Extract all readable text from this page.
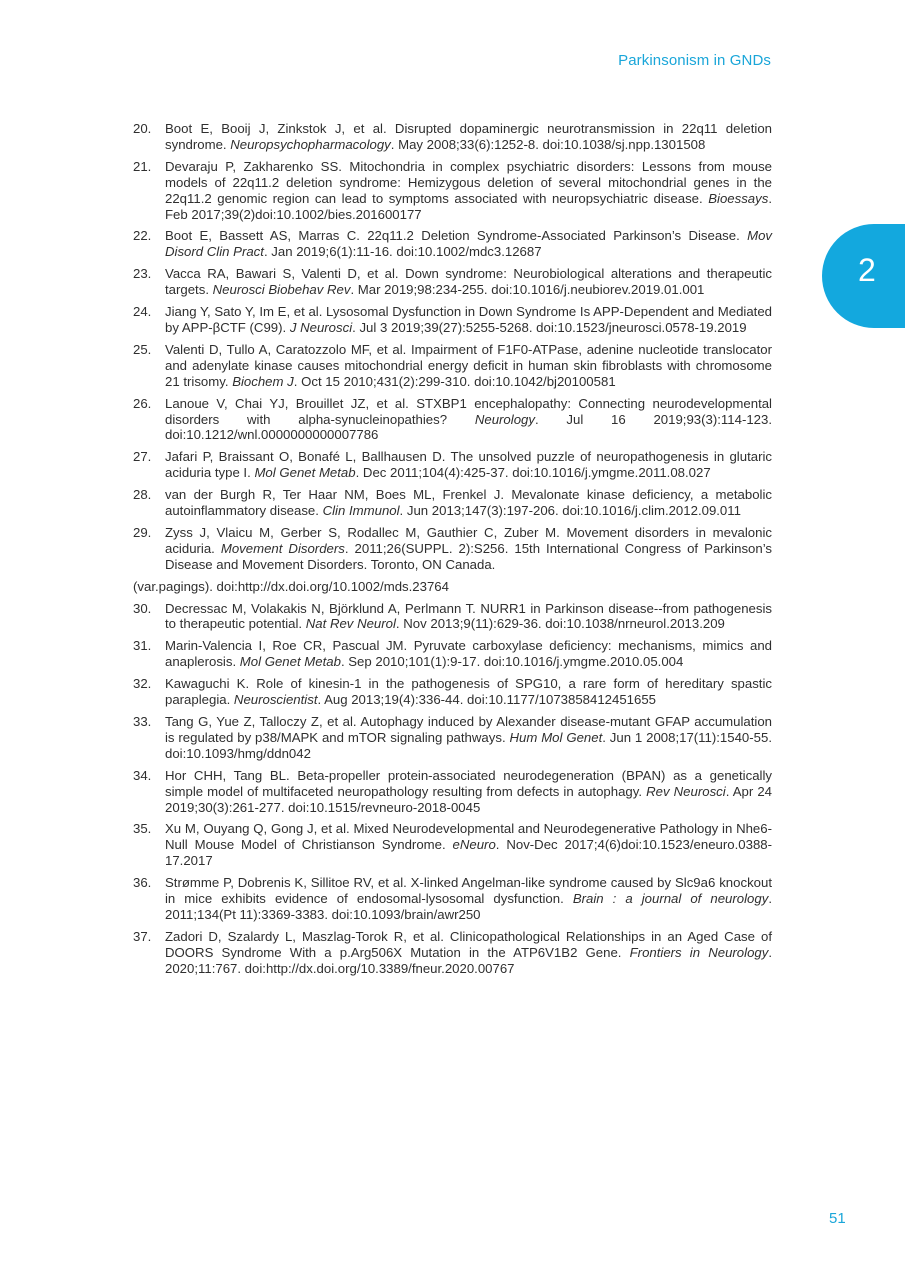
Parkinsonism in GNDs
2
20. Boot E, Booij J, Zinkstok J, et al. Disrupted dopaminergic neurotransmission in 22q11 deletion syndrome. Neuropsychopharmacology. May 2008;33(6):1252-8. doi:10.1038/sj.npp.1301508
21. Devaraju P, Zakharenko SS. Mitochondria in complex psychiatric disorders: Lessons from mouse models of 22q11.2 deletion syndrome: Hemizygous deletion of several mitochondrial genes in the 22q11.2 genomic region can lead to symptoms associated with neuropsychiatric disease. Bioessays. Feb 2017;39(2)doi:10.1002/bies.201600177
22. Boot E, Bassett AS, Marras C. 22q11.2 Deletion Syndrome-Associated Parkinson’s Disease. Mov Disord Clin Pract. Jan 2019;6(1):11-16. doi:10.1002/mdc3.12687
23. Vacca RA, Bawari S, Valenti D, et al. Down syndrome: Neurobiological alterations and therapeutic targets. Neurosci Biobehav Rev. Mar 2019;98:234-255. doi:10.1016/j.neubiorev.2019.01.001
24. Jiang Y, Sato Y, Im E, et al. Lysosomal Dysfunction in Down Syndrome Is APP-Dependent and Mediated by APP-βCTF (C99). J Neurosci. Jul 3 2019;39(27):5255-5268. doi:10.1523/jneurosci.0578-19.2019
25. Valenti D, Tullo A, Caratozzolo MF, et al. Impairment of F1F0-ATPase, adenine nucleotide translocator and adenylate kinase causes mitochondrial energy deficit in human skin fibroblasts with chromosome 21 trisomy. Biochem J. Oct 15 2010;431(2):299-310. doi:10.1042/bj20100581
26. Lanoue V, Chai YJ, Brouillet JZ, et al. STXBP1 encephalopathy: Connecting neurodevelopmental disorders with alpha-synucleinopathies? Neurology. Jul 16 2019;93(3):114-123. doi:10.1212/wnl.0000000000007786
27. Jafari P, Braissant O, Bonafé L, Ballhausen D. The unsolved puzzle of neuropathogenesis in glutaric aciduria type I. Mol Genet Metab. Dec 2011;104(4):425-37. doi:10.1016/j.ymgme.2011.08.027
28. van der Burgh R, Ter Haar NM, Boes ML, Frenkel J. Mevalonate kinase deficiency, a metabolic autoinflammatory disease. Clin Immunol. Jun 2013;147(3):197-206. doi:10.1016/j.clim.2012.09.011
29. Zyss J, Vlaicu M, Gerber S, Rodallec M, Gauthier C, Zuber M. Movement disorders in mevalonic aciduria. Movement Disorders. 2011;26(SUPPL. 2):S256. 15th International Congress of Parkinson’s Disease and Movement Disorders. Toronto, ON Canada.
(var.pagings). doi:http://dx.doi.org/10.1002/mds.23764
30. Decressac M, Volakakis N, Björklund A, Perlmann T. NURR1 in Parkinson disease--from pathogenesis to therapeutic potential. Nat Rev Neurol. Nov 2013;9(11):629-36. doi:10.1038/nrneurol.2013.209
31. Marin-Valencia I, Roe CR, Pascual JM. Pyruvate carboxylase deficiency: mechanisms, mimics and anaplerosis. Mol Genet Metab. Sep 2010;101(1):9-17. doi:10.1016/j.ymgme.2010.05.004
32. Kawaguchi K. Role of kinesin-1 in the pathogenesis of SPG10, a rare form of hereditary spastic paraplegia. Neuroscientist. Aug 2013;19(4):336-44. doi:10.1177/1073858412451655
33. Tang G, Yue Z, Talloczy Z, et al. Autophagy induced by Alexander disease-mutant GFAP accumulation is regulated by p38/MAPK and mTOR signaling pathways. Hum Mol Genet. Jun 1 2008;17(11):1540-55. doi:10.1093/hmg/ddn042
34. Hor CHH, Tang BL. Beta-propeller protein-associated neurodegeneration (BPAN) as a genetically simple model of multifaceted neuropathology resulting from defects in autophagy. Rev Neurosci. Apr 24 2019;30(3):261-277. doi:10.1515/revneuro-2018-0045
35. Xu M, Ouyang Q, Gong J, et al. Mixed Neurodevelopmental and Neurodegenerative Pathology in Nhe6-Null Mouse Model of Christianson Syndrome. eNeuro. Nov-Dec 2017;4(6)doi:10.1523/eneuro.0388-17.2017
36. Strømme P, Dobrenis K, Sillitoe RV, et al. X-linked Angelman-like syndrome caused by Slc9a6 knockout in mice exhibits evidence of endosomal-lysosomal dysfunction. Brain : a journal of neurology. 2011;134(Pt 11):3369-3383. doi:10.1093/brain/awr250
37. Zadori D, Szalardy L, Maszlag-Torok R, et al. Clinicopathological Relationships in an Aged Case of DOORS Syndrome With a p.Arg506X Mutation in the ATP6V1B2 Gene. Frontiers in Neurology. 2020;11:767. doi:http://dx.doi.org/10.3389/fneur.2020.00767
51
